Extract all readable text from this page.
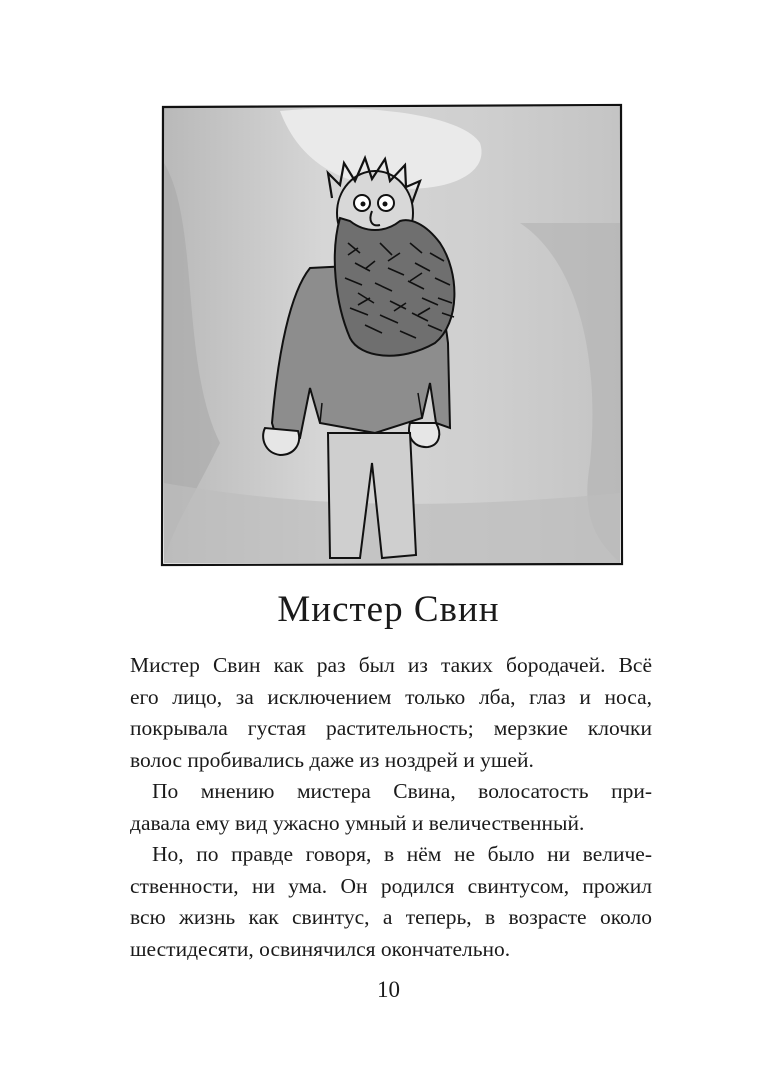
Мистер Свин
Мистер Свин как раз был из таких бородачей. Всё
его лицо, за исключением только лба, глаз и носа,
покрывала густая растительность; мерзкие клочки
волос пробивались даже из ноздрей и ушей.
По мнению мистера Свина, волосатость при-
давала ему вид ужасно умный и величественный.
Но, по правде говоря, в нём не было ни величе-
ственности, ни ума. Он родился свинтусом, прожил
всю жизнь как свинтус, а теперь, в возрасте около
шестидесяти, освинячился окончательно.
10
